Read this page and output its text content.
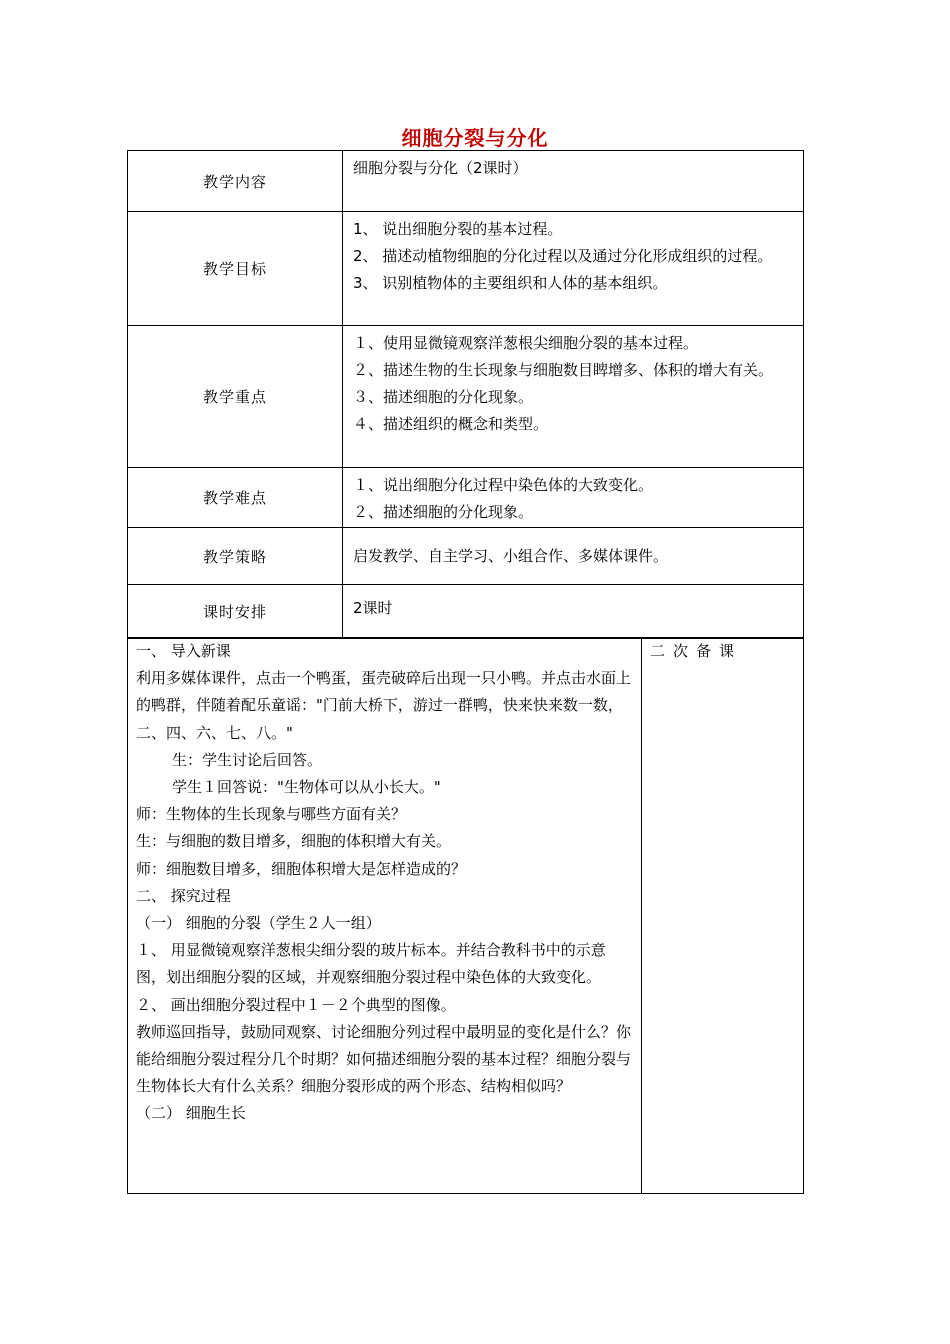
细胞分裂与分化
教学内容	细胞分裂与分化（2课时）

教学目标	1、 说出细胞分裂的基本过程。

2、 描述动植物细胞的分化过程以及通过分化形成组织的过程。

3、 识别植物体的主要组织和人体的基本组织。

教学重点	１、使用显微镜观察洋葱根尖细胞分裂的基本过程。

２、描述生物的生长现象与细胞数目睥增多、体积的增大有关。

３、描述细胞的分化现象。

４、描述组织的概念和类型。

教学难点	１、说出细胞分化过程中染色体的大致变化。

２、描述细胞的分化现象。

教学策略	启发教学、自主学习、小组合作、多媒体课件。

课时安排	2课时

一、 导入新课

利用多媒体课件，点击一个鸭蛋，蛋壳破碎后出现一只小鸭。并点击水面上的鸭群，伴随着配乐童谣："门前大桥下，游过一群鸭，快来快来数一数，二、四、六、七、八。"

生：学生讨论后回答。

学生１回答说："生物体可以从小长大。"

师：生物体的生长现象与哪些方面有关？

生：与细胞的数目增多，细胞的体积增大有关。

师：细胞数目增多，细胞体积增大是怎样造成的？

二、 探究过程

（一） 细胞的分裂（学生２人一组）

１、 用显微镜观察洋葱根尖细分裂的玻片标本。并结合教科书中的示意图，划出细胞分裂的区域，并观察细胞分裂过程中染色体的大致变化。

２、 画出细胞分裂过程中１－２个典型的图像。

教师巡回指导，鼓励同观察、讨论细胞分列过程中最明显的变化是什么？你能给细胞分裂过程分几个时期？如何描述细胞分裂的基本过程？细胞分裂与生物体长大有什么关系？细胞分裂形成的两个形态、结构相似吗？

（二） 细胞生长

	二次备课
